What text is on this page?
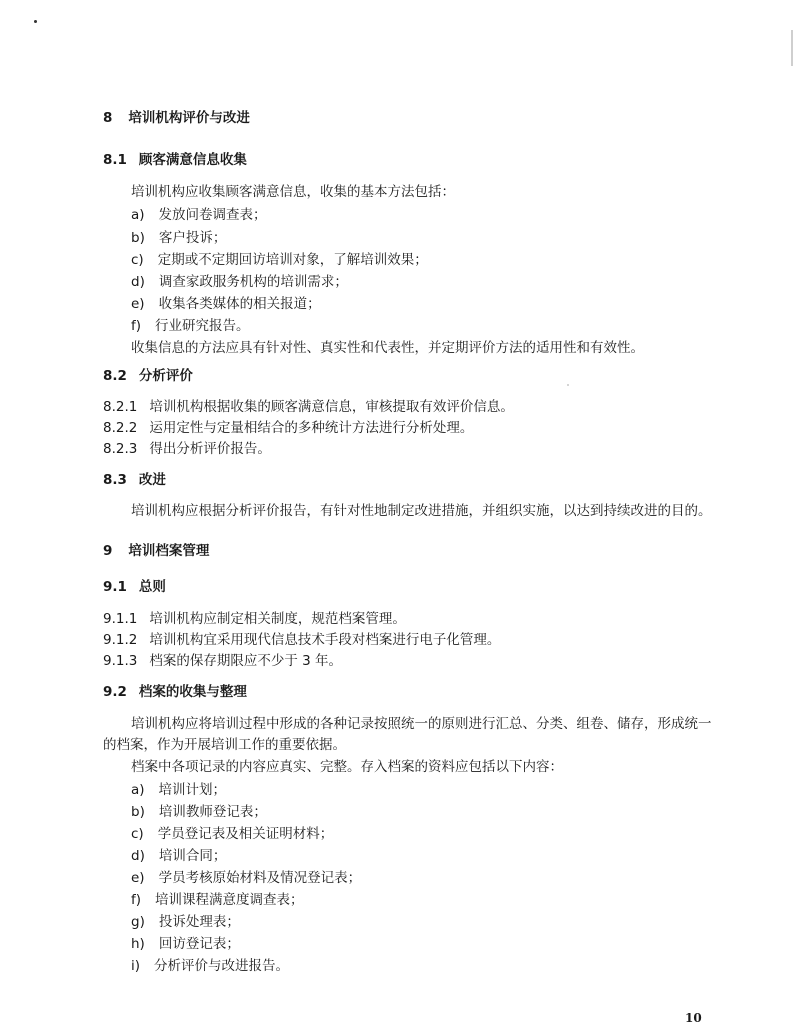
8 培训机构评价与改进
8.1 顾客满意信息收集
培训机构应收集顾客满意信息，收集的基本方法包括：
a) 发放问卷调查表；
b) 客户投诉；
c) 定期或不定期回访培训对象，了解培训效果；
d) 调查家政服务机构的培训需求；
e) 收集各类媒体的相关报道；
f) 行业研究报告。
收集信息的方法应具有针对性、真实性和代表性，并定期评价方法的适用性和有效性。
8.2 分析评价
8.2.1 培训机构根据收集的顾客满意信息，审核提取有效评价信息。
8.2.2 运用定性与定量相结合的多种统计方法进行分析处理。
8.2.3 得出分析评价报告。
8.3 改进
培训机构应根据分析评价报告，有针对性地制定改进措施，并组织实施，以达到持续改进的目的。
9 培训档案管理
9.1 总则
9.1.1 培训机构应制定相关制度，规范档案管理。
9.1.2 培训机构宜采用现代信息技术手段对档案进行电子化管理。
9.1.3 档案的保存期限应不少于 3 年。
9.2 档案的收集与整理
培训机构应将培训过程中形成的各种记录按照统一的原则进行汇总、分类、组卷、储存，形成统一
的档案，作为开展培训工作的重要依据。
档案中各项记录的内容应真实、完整。存入档案的资料应包括以下内容：
a) 培训计划；
b) 培训教师登记表；
c) 学员登记表及相关证明材料；
d) 培训合同；
e) 学员考核原始材料及情况登记表；
f) 培训课程满意度调查表；
g) 投诉处理表；
h) 回访登记表；
i) 分析评价与改进报告。
10
